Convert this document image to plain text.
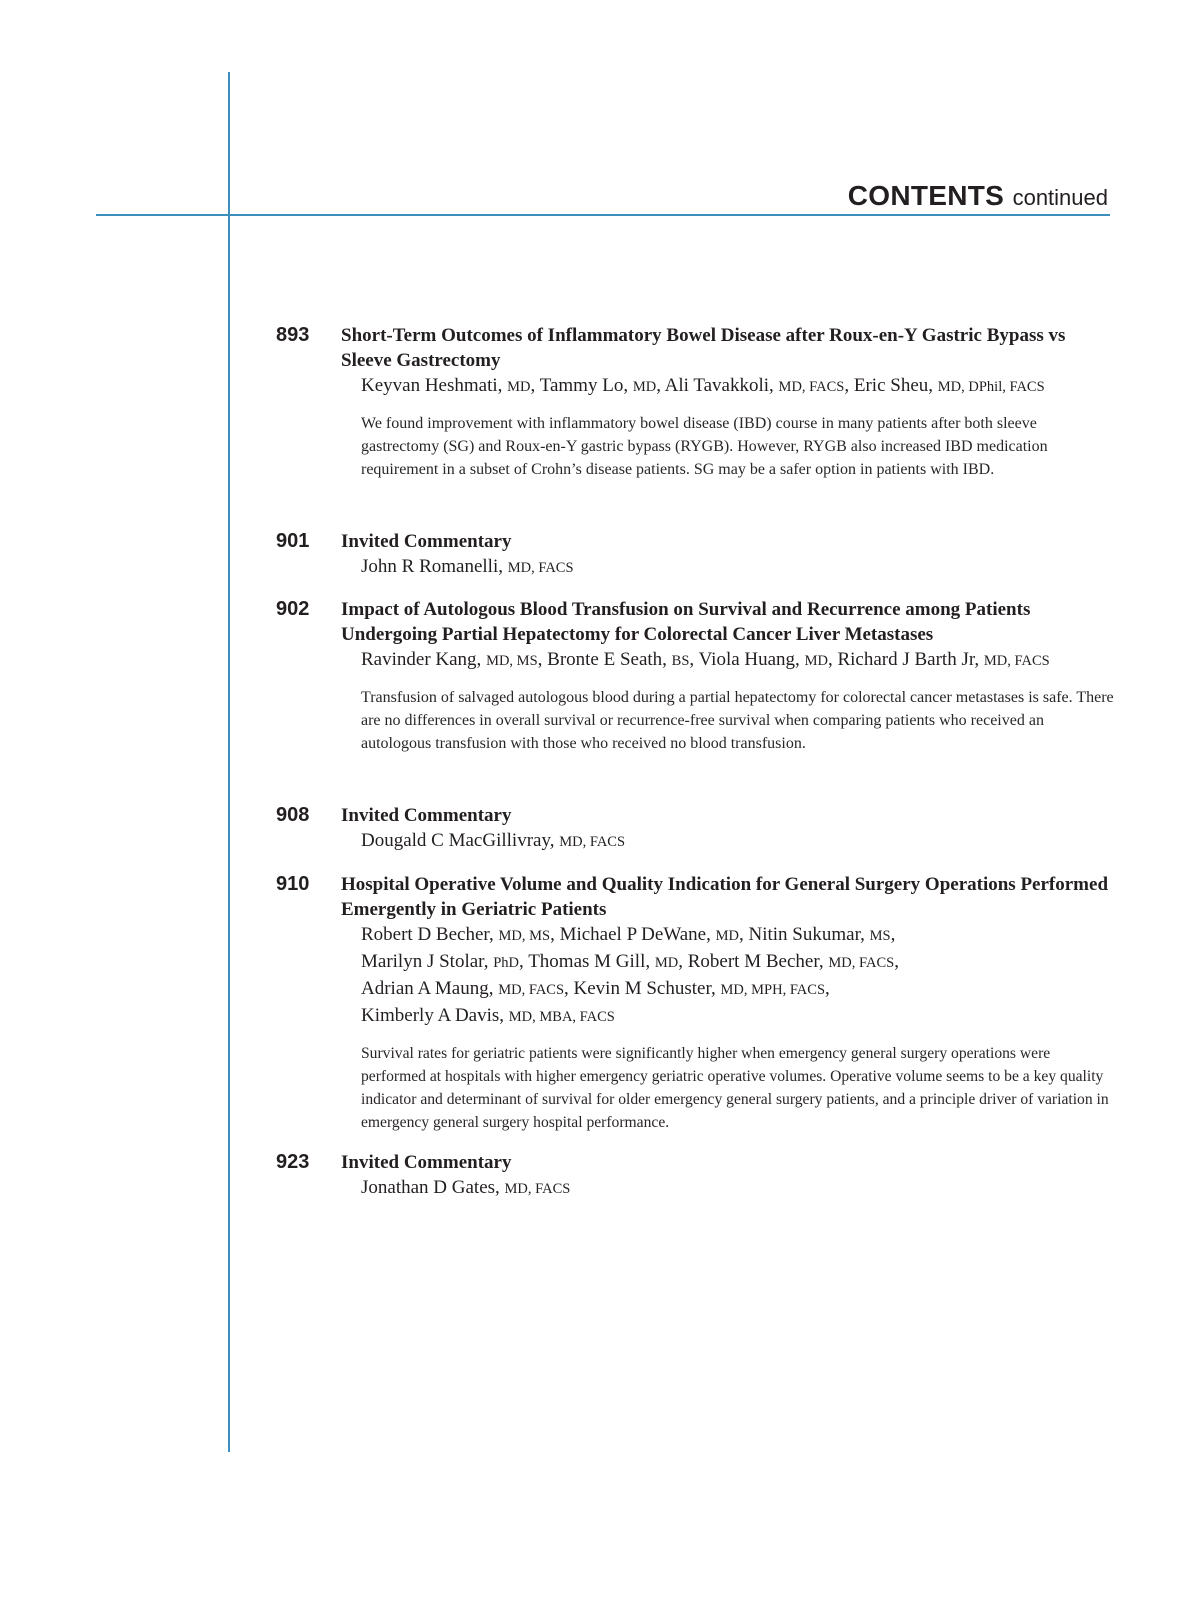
CONTENTS continued
893	Short-Term Outcomes of Inflammatory Bowel Disease after Roux-en-Y Gastric Bypass vs Sleeve Gastrectomy
Keyvan Heshmati, MD, Tammy Lo, MD, Ali Tavakkoli, MD, FACS, Eric Sheu, MD, DPhil, FACS
We found improvement with inflammatory bowel disease (IBD) course in many patients after both sleeve gastrectomy (SG) and Roux-en-Y gastric bypass (RYGB). However, RYGB also increased IBD medication requirement in a subset of Crohn’s disease patients. SG may be a safer option in patients with IBD.
901	Invited Commentary
John R Romanelli, MD, FACS
902	Impact of Autologous Blood Transfusion on Survival and Recurrence among Patients Undergoing Partial Hepatectomy for Colorectal Cancer Liver Metastases
Ravinder Kang, MD, MS, Bronte E Seath, BS, Viola Huang, MD, Richard J Barth Jr, MD, FACS
Transfusion of salvaged autologous blood during a partial hepatectomy for colorectal cancer metastases is safe. There are no differences in overall survival or recurrence-free survival when comparing patients who received an autologous transfusion with those who received no blood transfusion.
908	Invited Commentary
Dougald C MacGillivray, MD, FACS
910	Hospital Operative Volume and Quality Indication for General Surgery Operations Performed Emergently in Geriatric Patients
Robert D Becher, MD, MS, Michael P DeWane, MD, Nitin Sukumar, MS,
Marilyn J Stolar, PhD, Thomas M Gill, MD, Robert M Becher, MD, FACS,
Adrian A Maung, MD, FACS, Kevin M Schuster, MD, MPH, FACS,
Kimberly A Davis, MD, MBA, FACS
Survival rates for geriatric patients were significantly higher when emergency general surgery operations were performed at hospitals with higher emergency geriatric operative volumes. Operative volume seems to be a key quality indicator and determinant of survival for older emergency general surgery patients, and a principle driver of variation in emergency general surgery hospital performance.
923	Invited Commentary
Jonathan D Gates, MD, FACS
